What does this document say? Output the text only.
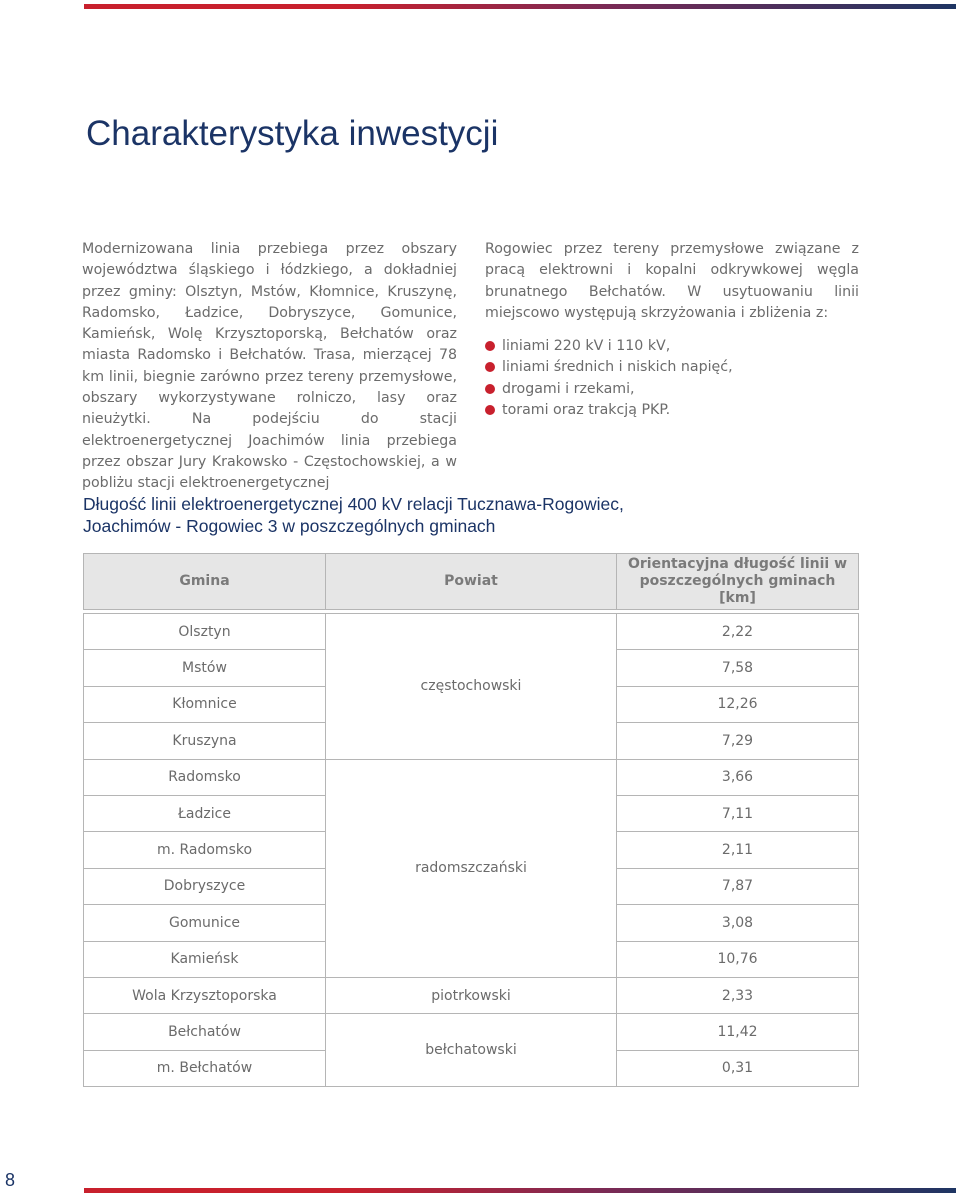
Charakterystyka inwestycji

Modernizowana linia przebiega przez obszary województwa śląskiego i łódzkiego, a dokładniej przez gminy: Olsztyn, Mstów, Kłomnice, Kruszynę, Radomsko, Ładzice, Dobryszyce, Gomunice, Kamieńsk, Wolę Krzysztoporską, Bełchatów oraz miasta Radomsko i Bełchatów. Trasa, mierzącej 78 km linii, biegnie zarówno przez tereny przemysłowe, obszary wykorzystywane rolniczo, lasy oraz nieużytki. Na podejściu do stacji elektroenergetycznej Joachimów linia przebiega przez obszar Jury Krakowsko - Częstochowskiej, a w pobliżu stacji elektroenergetycznej

Rogowiec przez tereny przemysłowe związane z pracą elektrowni i kopalni odkrywkowej węgla brunatnego Bełchatów. W usytuowaniu linii miejscowo występują skrzyżowania i zbliżenia z:

liniami 220 kV i 110 kV,
liniami średnich i niskich napięć,
drogami i rzekami,
torami oraz trakcją PKP.
Długość linii elektroenergetycznej 400 kV relacji Tucznawa-Rogowiec,
Joachimów - Rogowiec 3 w poszczególnych gminach
Gmina	Powiat	Orientacyjna długość linii w poszczególnych gminach [km]

Olsztyn	częstochowski	2,22
Mstów		7,58
Kłomnice		12,26
Kruszyna		7,29
Radomsko	radomszczański	3,66
Ładzice		7,11
m. Radomsko		2,11
Dobryszyce		7,87
Gomunice		3,08
Kamieńsk		10,76
Wola Krzysztoporska	piotrkowski	2,33
Bełchatów	bełchatowski	11,42
m. Bełchatów		0,31
8
